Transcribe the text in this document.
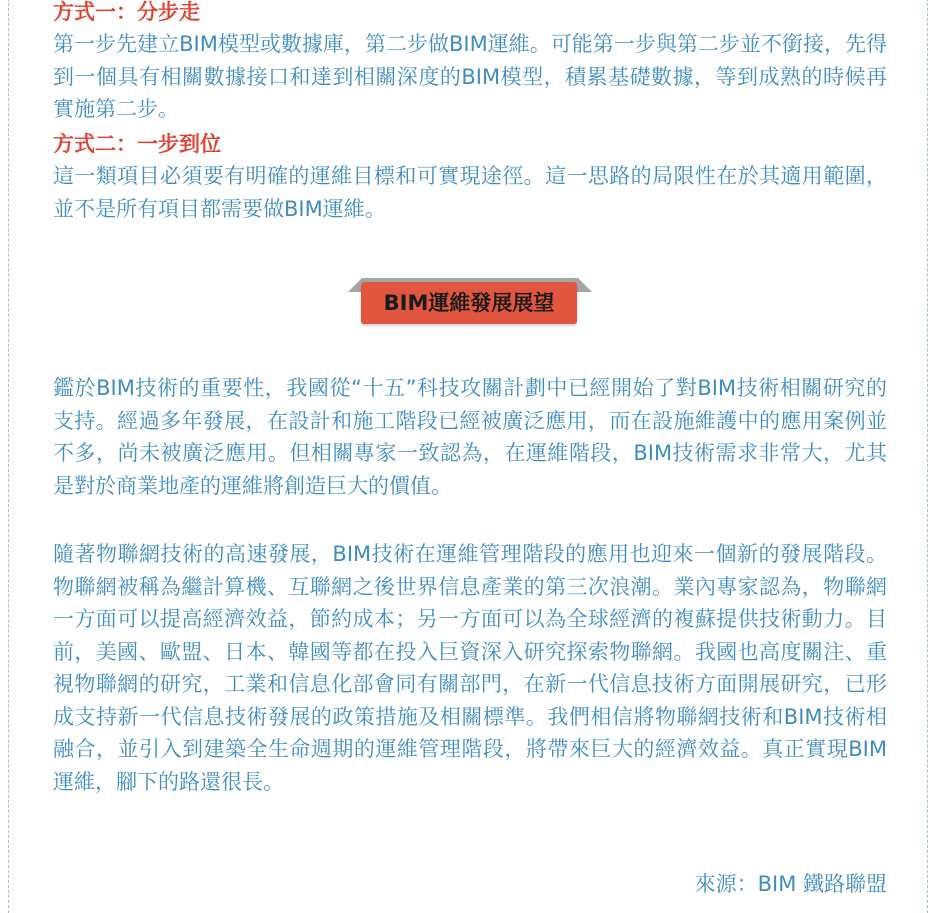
方式一：分步走

第一步先建立BIM模型或數據庫，第二步做BIM運維。可能第一步與第二步並不銜接，先得到一個具有相關數據接口和達到相關深度的BIM模型，積累基礎數據，等到成熟的時候再實施第二步。

方式二：一步到位

這一類項目必須要有明確的運維目標和可實現途徑。這一思路的局限性在於其適用範圍，並不是所有項目都需要做BIM運維。

鑑於BIM技術的重要性，我國從“十五”科技攻關計劃中已經開始了對BIM技術相關研究的支持。經過多年發展，在設計和施工階段已經被廣泛應用，而在設施維護中的應用案例並不多，尚未被廣泛應用。但相關專家一致認為，在運維階段，BIM技術需求非常大，尤其是對於商業地產的運維將創造巨大的價值。

隨著物聯網技術的高速發展，BIM技術在運維管理階段的應用也迎來一個新的發展階段。物聯網被稱為繼計算機、互聯網之後世界信息產業的第三次浪潮。業內專家認為，物聯網一方面可以提高經濟效益，節約成本；另一方面可以為全球經濟的複蘇提供技術動力。目前，美國、歐盟、日本、韓國等都在投入巨資深入研究探索物聯網。我國也高度關注、重視物聯網的研究，工業和信息化部會同有關部門，在新一代信息技術方面開展研究，已形成支持新一代信息技術發展的政策措施及相關標準。我們相信將物聯網技術和BIM技術相融合，並引入到建築全生命週期的運維管理階段，將帶來巨大的經濟效益。真正實現BIM運維，腳下的路還很長。

BIM運維發展展望
來源：BIM 鐵路聯盟
